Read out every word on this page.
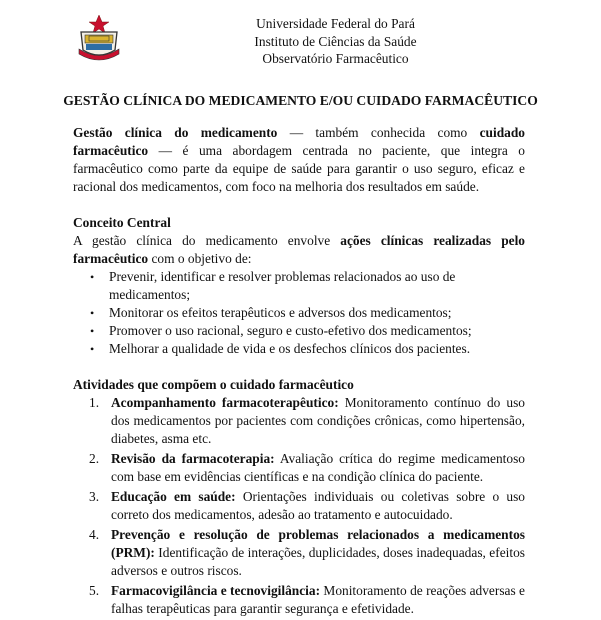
Universidade Federal do Pará
Instituto de Ciências da Saúde
Observatório Farmacêutico
GESTÃO CLÍNICA DO MEDICAMENTO E/OU CUIDADO FARMACÊUTICO

Gestão clínica do medicamento — também conhecida como cuidado farmacêutico — é uma abordagem centrada no paciente, que integra o farmacêutico como parte da equipe de saúde para garantir o uso seguro, eficaz e racional dos medicamentos, com foco na melhoria dos resultados em saúde.

Conceito Central

A gestão clínica do medicamento envolve ações clínicas realizadas pelo farmacêutico com o objetivo de:

• Prevenir, identificar e resolver problemas relacionados ao uso de medicamentos;
• Monitorar os efeitos terapêuticos e adversos dos medicamentos;
• Promover o uso racional, seguro e custo-efetivo dos medicamentos;
• Melhorar a qualidade de vida e os desfechos clínicos dos pacientes.

Atividades que compõem o cuidado farmacêutico

1. Acompanhamento farmacoterapêutico: Monitoramento contínuo do uso dos medicamentos por pacientes com condições crônicas, como hipertensão, diabetes, asma etc.
2. Revisão da farmacoterapia: Avaliação crítica do regime medicamentoso com base em evidências científicas e na condição clínica do paciente.
3. Educação em saúde: Orientações individuais ou coletivas sobre o uso correto dos medicamentos, adesão ao tratamento e autocuidado.
4. Prevenção e resolução de problemas relacionados a medicamentos (PRM): Identificação de interações, duplicidades, doses inadequadas, efeitos adversos e outros riscos.
5. Farmacovigilância e tecnovigilância: Monitoramento de reações adversas e falhas terapêuticas para garantir segurança e efetividade.
